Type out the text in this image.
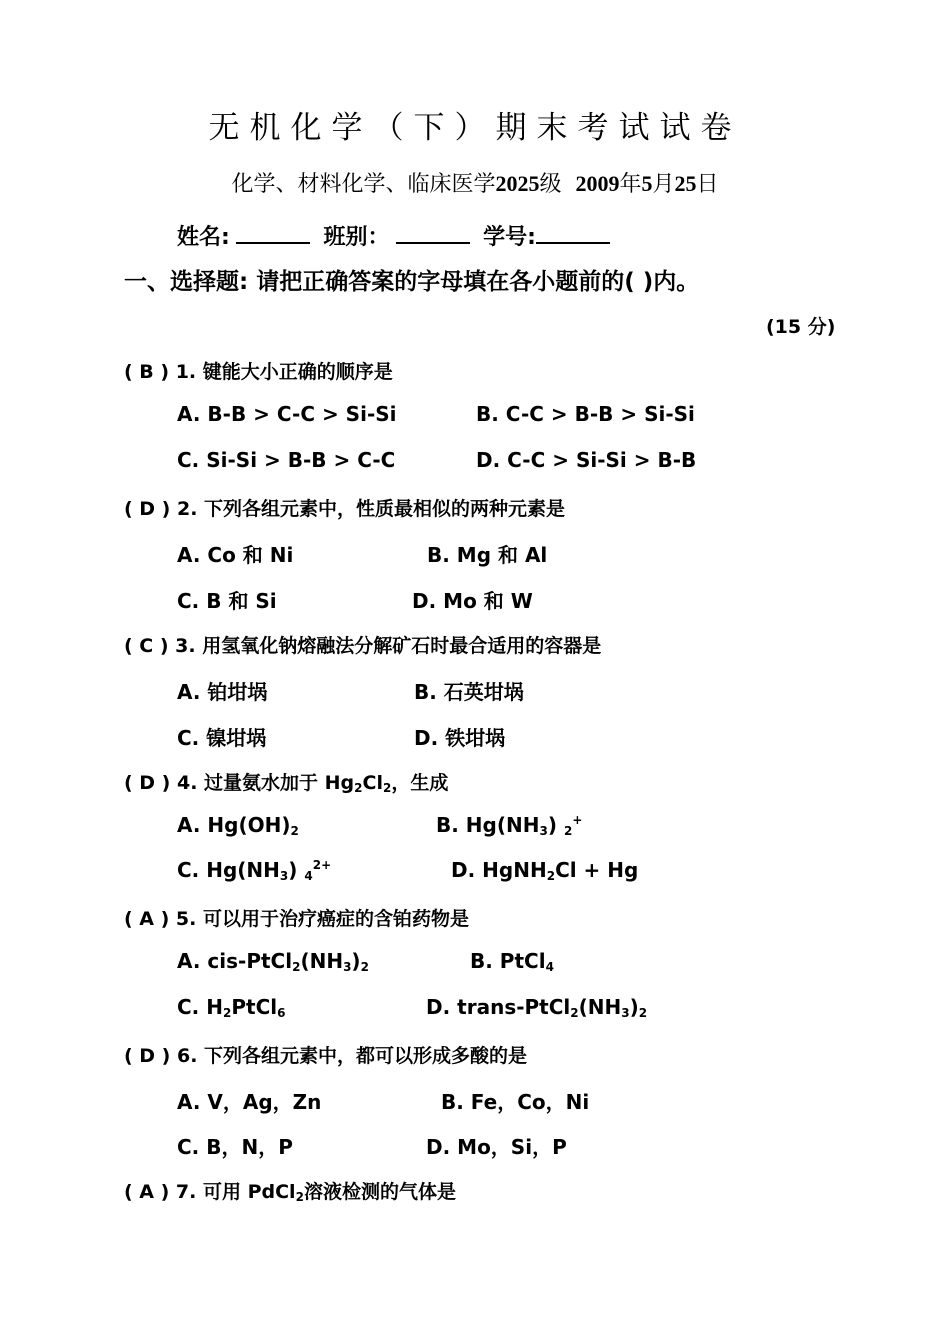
无机化学（下）期末考试试卷
化学、材料化学、临床医学2025级 2009年5月25日
姓名:	班别：	学号:
一、选择题: 请把正确答案的字母填在各小题前的( )内。
(15 分)
( B ) 1. 键能大小正确的顺序是
A. B-B > C-C > Si-Si	B. C-C > B-B > Si-Si
C. Si-Si > B-B > C-C	D. C-C > Si-Si > B-B
( D ) 2. 下列各组元素中，性质最相似的两种元素是
A. Co 和 Ni	B. Mg 和 Al
C. B 和 Si	D. Mo 和 W
( C ) 3. 用氢氧化钠熔融法分解矿石时最合适用的容器是
A. 铂坩埚	B. 石英坩埚
C. 镍坩埚	D. 铁坩埚
( D ) 4. 过量氨水加于 $Hg_2Cl_2$，生成
A. $Hg(OH)_2$	B. $Hg(NH_3)$ $_2$+
C. $Hg(NH_3)$ $_4^{2+}$	D. HgNH$_2$Cl + Hg
( A ) 5. 可以用于治疗癌症的含铂药物是
A. cis-$PtCl_2(NH_3)_2$	B. PtCl$_4$
C. $H_2PtCl_6$	D. trans-$PtCl_2(NH_3)_2$
( D ) 6. 下列各组元素中，都可以形成多酸的是
A. V，Ag，Zn	B. Fe，Co，Ni
C. B，N，P	D. Mo，Si，P
( A ) 7. 可用 PdCl$_2$溶液检测的气体是
